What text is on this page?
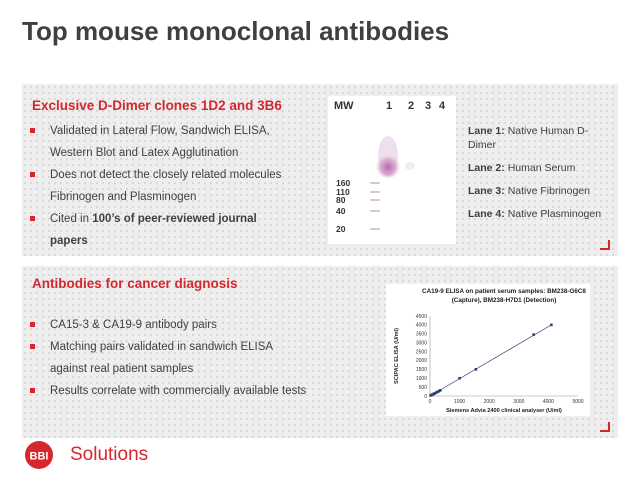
Top mouse monoclonal antibodies
Exclusive D-Dimer clones 1D2 and 3B6
Validated in Lateral Flow, Sandwich ELISA,
Western Blot and Latex Agglutination
Does not detect the closely related molecules
Fibrinogen and Plasminogen
Cited in 100’s of peer-reviewed journal
papers
MW	1 2 3 4
160
110
80
40
20
Lane 1: Native Human D-Dimer
Lane 2: Human Serum
Lane 3: Native Fibrinogen
Lane 4: Native Plasminogen
Antibodies for cancer diagnosis
CA15-3 & CA19-9 antibody pairs
Matching pairs validated in sandwich ELISA
against real patient samples
Results correlate with commercially available tests
CA19-9 ELISA on patient serum samples: BM238-G6C8
(Capture), BM238-H7D1 (Detection)
0	1000	2000	3000	4000	5000
0
500
1000
1500
2000
2500
3000
3500
4000
4500
Siemens Advia 2400 clinical analyser (U/ml)
SCIPAC ELISA (U/ml)
BBI Solutions
